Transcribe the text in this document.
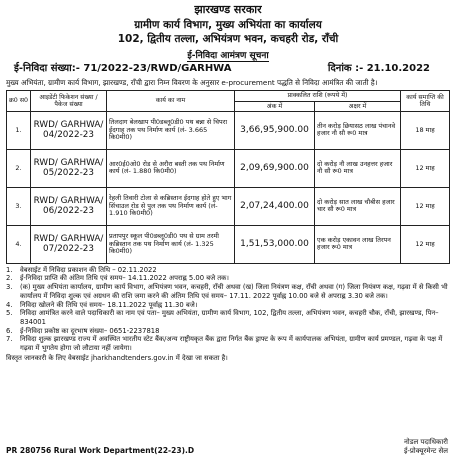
झारखण्ड सरकार
ग्रामीण कार्य विभाग, मुख्य अभियंता का कार्यालय
102, द्वितीय तल्ला, अभियंत्रण भवन, कचहरी रोड, राँची
ई-निविदा आमंत्रण सूचना
ई-निविदा संख्या:- 71/2022-23/RWD/GARHWA	दिनांक :- 21.10.2022
मुख्य अभियंता, ग्रामीण कार्य विभाग, झारखण्ड, राँची द्वारा निम्न विवरण के अनुसार e-procurement पद्धति से निविदा आमंत्रित की जाती है।
क्र0 स0	आइडेंटी फिकेशन संख्या / पैकेज संख्या	कार्य का नाम	प्राक्कलित राशि (रूपये में)		कार्य समाप्ति की तिथि
			अंक में	अक्षर में	
1.	RWD/ GARHWA/ 04/2022-23	तिलदाग बेलखाप पी0डब्लू0डी0 पथ बन्ना से चिपरा ईदगाह तक पथ निर्माण कार्य (लं- 3.665 कि0मी0)	3,66,95,900.00	तीन करोड़ छियासठ लाख पंचानवे हजार नौ सौ रू0 मात्र	18 माह
2.	RWD/ GARHWA/ 05/2022-23	आर0ई0ओ0 रोड से अरौरा बस्ती तक पथ निर्माण कार्य (लं- 1.880 कि0मी0)	2,09,69,900.00	दो करोड़ नौ लाख उनहत्तर हजार नौ सौ रू0 मात्र	12 माह
3.	RWD/ GARHWA/ 06/2022-23	रेहली तिवारी टोला से कब्रिस्तान ईदगाह होते हुए भाग सिंचाउल रोड से पुल तक पथ निर्माण कार्य (लं- 1.910 कि0मी0)	2,07,24,400.00	दो करोड़ सात लाख चौबीस हजार चार सौ रू0 मात्र	12 माह
4.	RWD/ GARHWA/ 07/2022-23	प्रतापपुर स्कूल पी0डब्लू0डी0 पथ से ग्राम तरमी कब्रिस्तान तक पथ निर्माण कार्य (लं- 1.325 कि0मी0)	1,51,53,000.00	एक करोड़ एकावन लाख तिरपन हजार रू0 मात्र	12 माह
1.	वेबसाईट में निविदा प्रकाशन की तिथि – 02.11.2022
2.	ई-निविदा प्राप्ति की अंतिम तिथि एवं समय– 14.11.2022 अपराह्न 5.00 बजे तक।
3.	(क) मुख्य अभियंता कार्यालय, ग्रामीण कार्य विभाग, अभियंत्रण भवन, कचहरी, राँची अथवा (ख) जिला नियंत्रण कक्ष, राँची अथवा (ग) जिला नियंत्रण कक्ष, गढ़वा में से किसी भी कार्यालय में निविदा शुल्क एवं अग्रधन की राशि जमा करने की अंतिम तिथि एवं समय– 17.11. 2022 पूर्वाह्न 10.00 बजे से अपराह्न 3.30 बजे तक।
4.	निविदा खोलने की तिथि एवं समय– 18.11.2022 पूर्वाह्न 11.30 बजे।
5.	निविदा आमंत्रित करने वाले पदाधिकारी का नाम एवं पता– मुख्य अभियंता, ग्रामीण कार्य विभाग, 102, द्वितीय तल्ला, अभियंत्रण भवन, कचहरी चौक, राँची, झारखण्ड, पिन– 834001
6.	ई-निविदा प्रकोष्ठ का दूरभाष संख्या– 0651-2237818
7.	निविदा शुल्क झारखण्ड राज्य में अवस्थित भारतीय स्टेट बैंक/अन्य राष्ट्रीयकृत बैंक द्वारा निर्गत बैंक ड्राफ्ट के रूप में कार्यपालक अभियंता, ग्रामीण कार्य प्रमण्डल, गढ़वा के पक्ष में गढ़वा में भुगतेय होगा जो लौटाया नहीं जायेगा।
विस्तृत जानकारी के लिए वेबसाईट jharkhandtenders.gov.in में देखा जा सकता है।
PR 280756 Rural Work Department(22-23).D
नोडल पदाधिकारी
ई-प्रोक्यूरमेन्ट सेल
